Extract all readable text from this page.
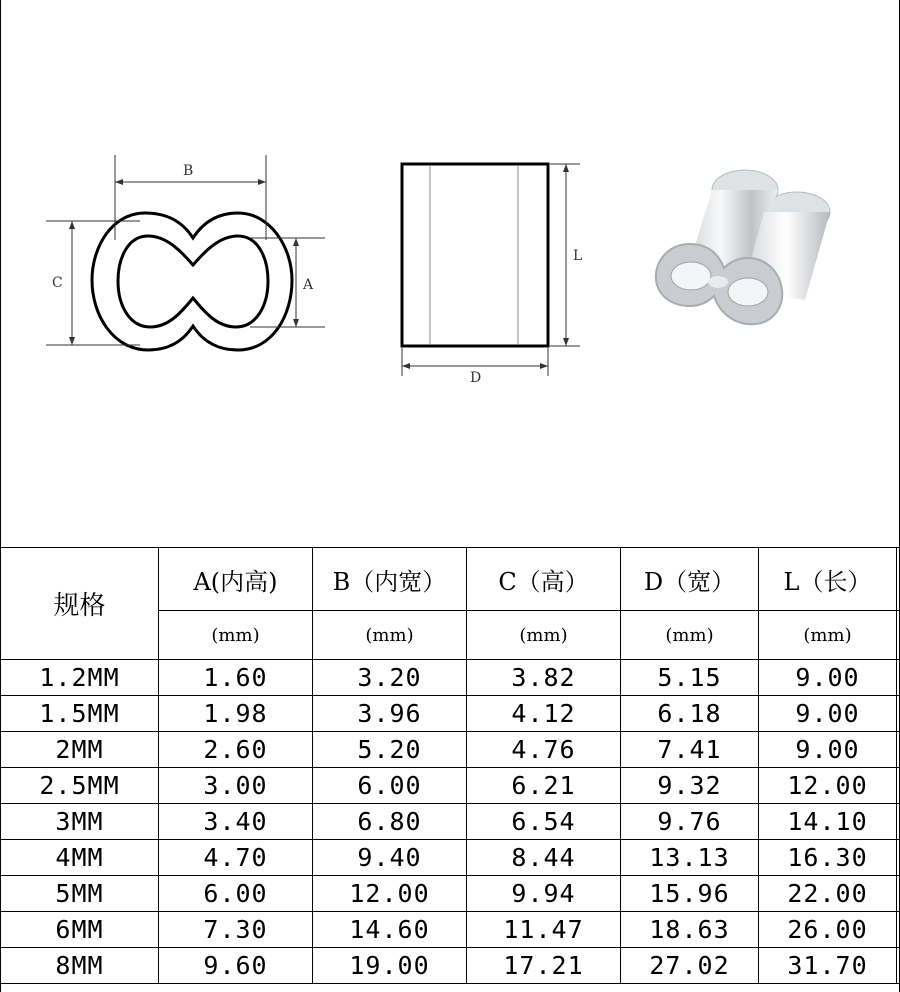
B
C	A
L
D
规格	A(内高)	B（内宽）	C（高）	D（宽）	L（长）	
	(mm)	(mm)	(mm)	(mm)	(mm)	
1.2MM	1.60	3.20	3.82	5.15	9.00	
1.5MM	1.98	3.96	4.12	6.18	9.00	
2MM	2.60	5.20	4.76	7.41	9.00	
2.5MM	3.00	6.00	6.21	9.32	12.00	
3MM	3.40	6.80	6.54	9.76	14.10	
4MM	4.70	9.40	8.44	13.13	16.30	
5MM	6.00	12.00	9.94	15.96	22.00	
6MM	7.30	14.60	11.47	18.63	26.00	
8MM	9.60	19.00	17.21	27.02	31.70	
